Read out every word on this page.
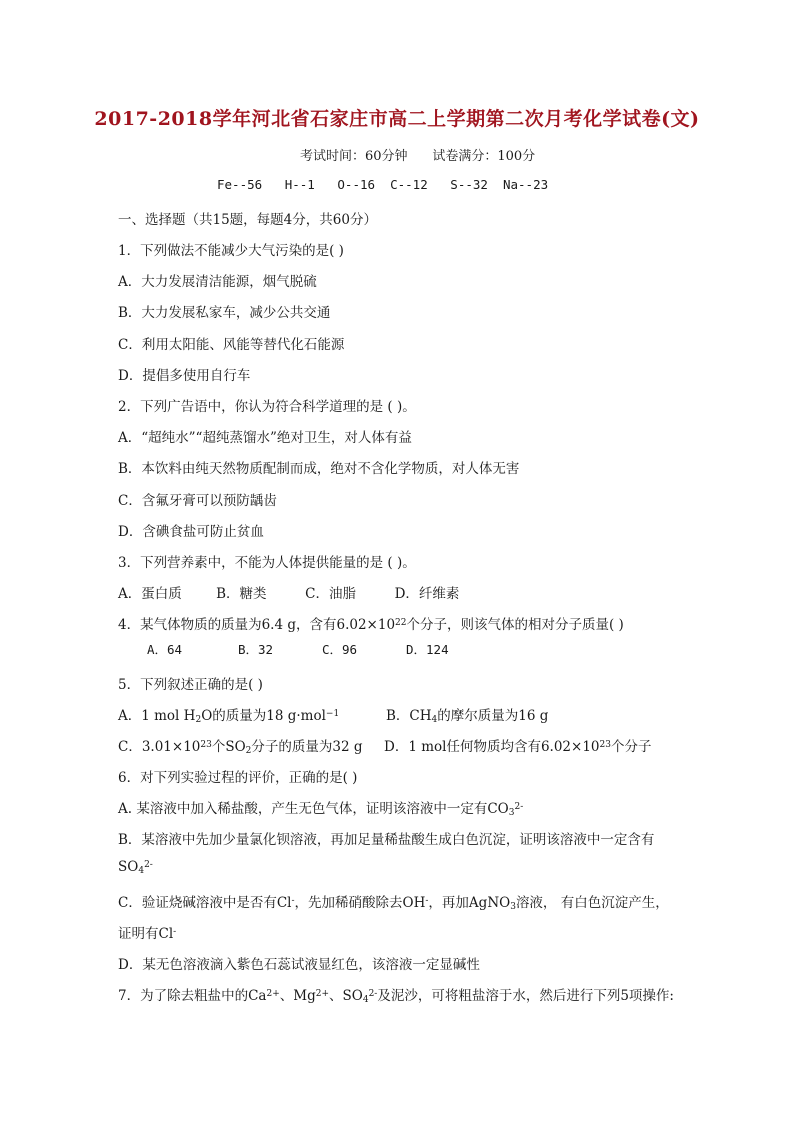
2017-2018学年河北省石家庄市高二上学期第二次月考化学试卷(文)
考试时间：60分钟 试卷满分：100分
Fe--56   H--1   O--16  C--12   S--32  Na--23
一、选择题（共15题，每题4分，共60分）
1．下列做法不能减少大气污染的是( )
A．大力发展清洁能源，烟气脱硫
B．大力发展私家车，减少公共交通
C．利用太阳能、风能等替代化石能源
D．提倡多使用自行车
2．下列广告语中，你认为符合科学道理的是 ( )。
A．“超纯水”“超纯蒸馏水”绝对卫生，对人体有益
B．本饮料由纯天然物质配制而成，绝对不含化学物质，对人体无害
C．含氟牙膏可以预防龋齿
D．含碘食盐可防止贫血
3．下列营养素中，不能为人体提供能量的是 ( )。
A．蛋白质        B．糖类         C．油脂         D．纤维素
4．某气体物质的质量为6.4 g，含有$6.02\times 10^{22}$个分子，则该气体的相对分子质量( )
A．64	B．32	C．96	D．124
5．下列叙述正确的是( )
A．1 mol $H_2O$的质量为18 g·mol$^{-1}$	B．$CH_4$的摩尔质量为16 g
C．$3.01\times 10^{23}$个$SO_2$分子的质量为32 g D．1 mol任何物质均含有$6.02\times 10^{23}$个分子
6．对下列实验过程的评价，正确的是( )
A. 某溶液中加入稀盐酸，产生无色气体，证明该溶液中一定有$CO_3^{2-}$
B．某溶液中先加少量氯化钡溶液，再加足量稀盐酸生成白色沉淀，证明该溶液中一定含有
$SO_4^{2-}$
C．验证烧碱溶液中是否有Cl-，先加稀硝酸除去OH-，再加AgNO$_3$溶液， 有白色沉淀产生，
证明有Cl-
D．某无色溶液滴入紫色石蕊试液显红色，该溶液一定显碱性
7．为了除去粗盐中的$Ca^{2+}$、$Mg^{2+}$、$SO_4^{2-}$及泥沙，可将粗盐溶于水，然后进行下列5项操作:
